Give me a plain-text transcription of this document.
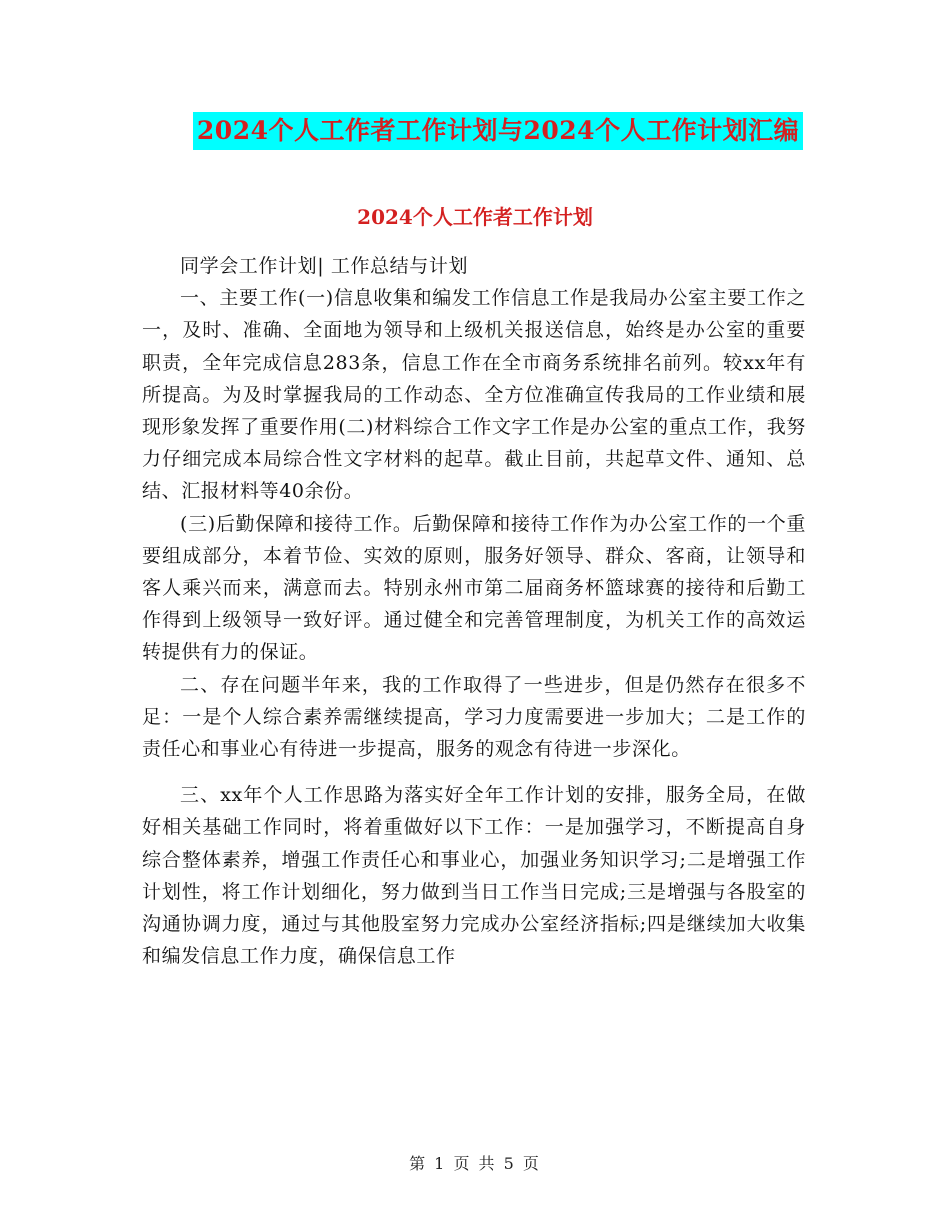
2024个人工作者工作计划与2024个人工作计划汇编
2024个人工作者工作计划

同学会工作计划| 工作总结与计划

一、主要工作(一)信息收集和编发工作信息工作是我局办公室主要工作之一，及时、准确、全面地为领导和上级机关报送信息，始终是办公室的重要职责，全年完成信息283条，信息工作在全市商务系统排名前列。较xx年有所提高。为及时掌握我局的工作动态、全方位准确宣传我局的工作业绩和展现形象发挥了重要作用(二)材料综合工作文字工作是办公室的重点工作，我努力仔细完成本局综合性文字材料的起草。截止目前，共起草文件、通知、总结、汇报材料等40余份。

(三)后勤保障和接待工作。后勤保障和接待工作作为办公室工作的一个重要组成部分，本着节俭、实效的原则，服务好领导、群众、客商，让领导和客人乘兴而来，满意而去。特别永州市第二届商务杯篮球赛的接待和后勤工作得到上级领导一致好评。通过健全和完善管理制度，为机关工作的高效运转提供有力的保证。

二、存在问题半年来，我的工作取得了一些进步，但是仍然存在很多不足：一是个人综合素养需继续提高，学习力度需要进一步加大；二是工作的责任心和事业心有待进一步提高，服务的观念有待进一步深化。

三、xx年个人工作思路为落实好全年工作计划的安排，服务全局，在做好相关基础工作同时，将着重做好以下工作：一是加强学习，不断提高自身综合整体素养，增强工作责任心和事业心，加强业务知识学习;二是增强工作计划性，将工作计划细化，努力做到当日工作当日完成;三是增强与各股室的沟通协调力度，通过与其他股室努力完成办公室经济指标;四是继续加大收集和编发信息工作力度，确保信息工作

第 1 页 共 5 页
